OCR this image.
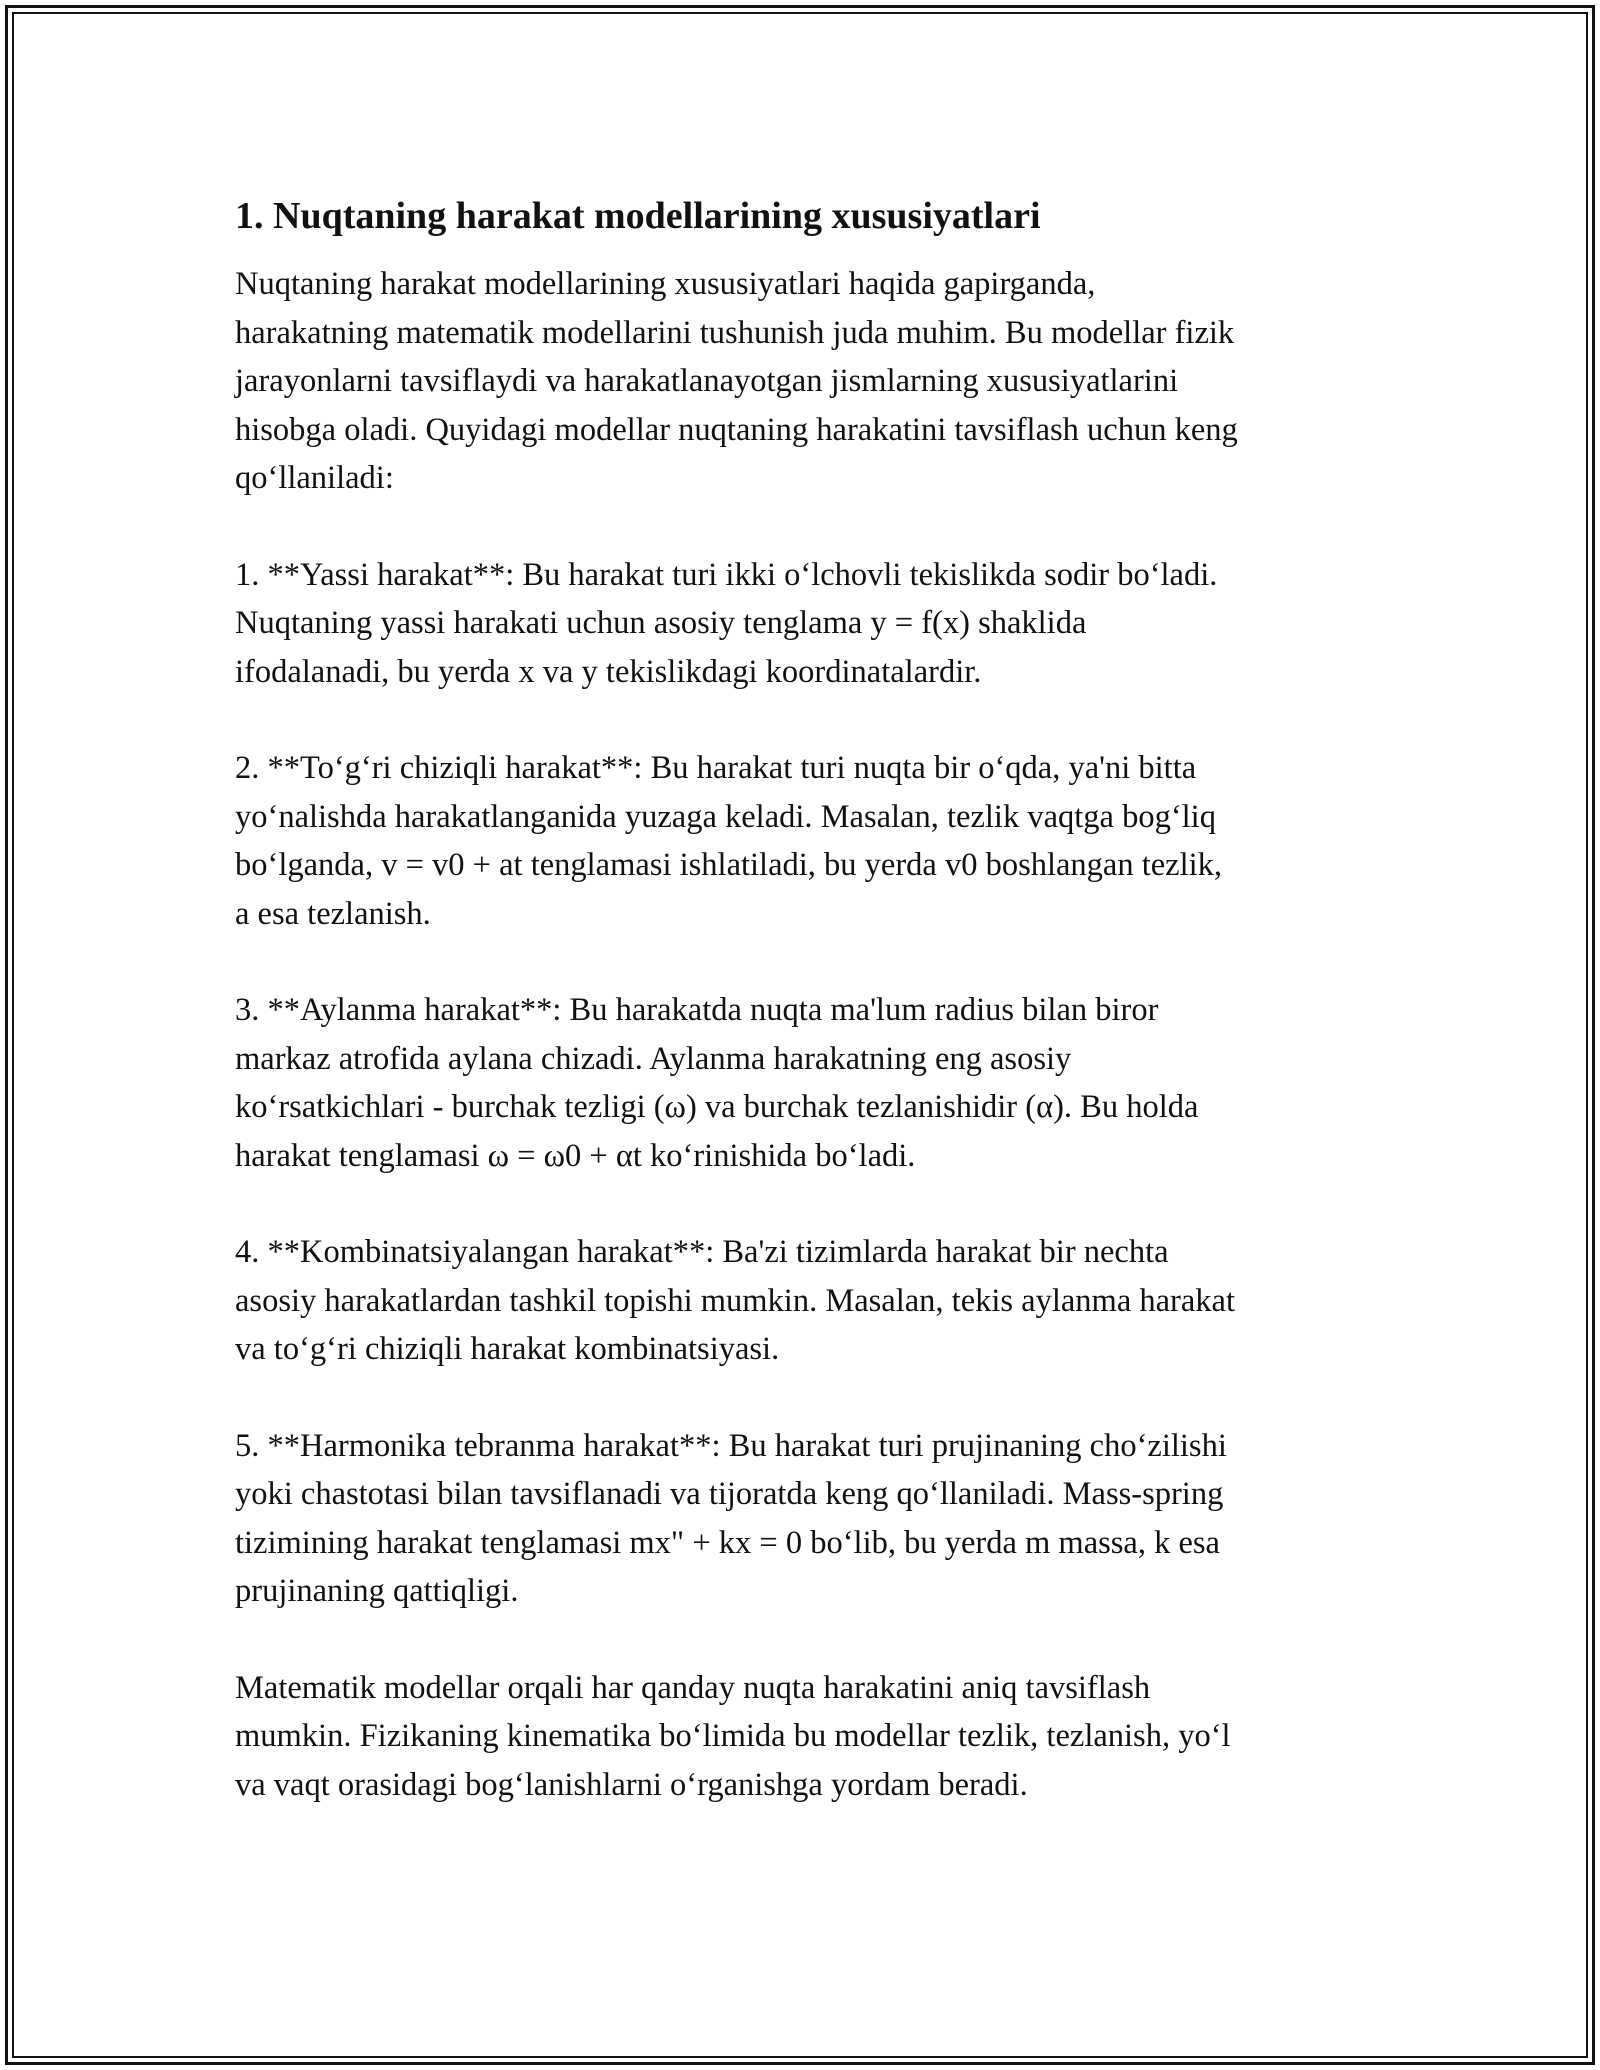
1. Nuqtaning harakat modellarining xususiyatlari

Nuqtaning harakat modellarining xususiyatlari haqida gapirganda,
harakatning matematik modellarini tushunish juda muhim. Bu modellar fizik
jarayonlarni tavsiflaydi va harakatlanayotgan jismlarning xususiyatlarini
hisobga oladi. Quyidagi modellar nuqtaning harakatini tavsiflash uchun keng
qo‘llaniladi:

1. **Yassi harakat**: Bu harakat turi ikki o‘lchovli tekislikda sodir bo‘ladi.
Nuqtaning yassi harakati uchun asosiy tenglama y = f(x) shaklida
ifodalanadi, bu yerda x va y tekislikdagi koordinatalardir.

2. **To‘g‘ri chiziqli harakat**: Bu harakat turi nuqta bir o‘qda, ya'ni bitta
yo‘nalishda harakatlanganida yuzaga keladi. Masalan, tezlik vaqtga bog‘liq
bo‘lganda, v = v0 + at tenglamasi ishlatiladi, bu yerda v0 boshlangan tezlik,
a esa tezlanish.

3. **Aylanma harakat**: Bu harakatda nuqta ma'lum radius bilan biror
markaz atrofida aylana chizadi. Aylanma harakatning eng asosiy
ko‘rsatkichlari - burchak tezligi (ω) va burchak tezlanishidir (α). Bu holda
harakat tenglamasi ω = ω0 + αt ko‘rinishida bo‘ladi.

4. **Kombinatsiyalangan harakat**: Ba'zi tizimlarda harakat bir nechta
asosiy harakatlardan tashkil topishi mumkin. Masalan, tekis aylanma harakat
va to‘g‘ri chiziqli harakat kombinatsiyasi.

5. **Harmonika tebranma harakat**: Bu harakat turi prujinaning cho‘zilishi
yoki chastotasi bilan tavsiflanadi va tijoratda keng qo‘llaniladi. Mass-spring
tizimining harakat tenglamasi mx" + kx = 0 bo‘lib, bu yerda m massa, k esa
prujinaning qattiqligi.

Matematik modellar orqali har qanday nuqta harakatini aniq tavsiflash
mumkin. Fizikaning kinematika bo‘limida bu modellar tezlik, tezlanish, yo‘l
va vaqt orasidagi bog‘lanishlarni o‘rganishga yordam beradi.
